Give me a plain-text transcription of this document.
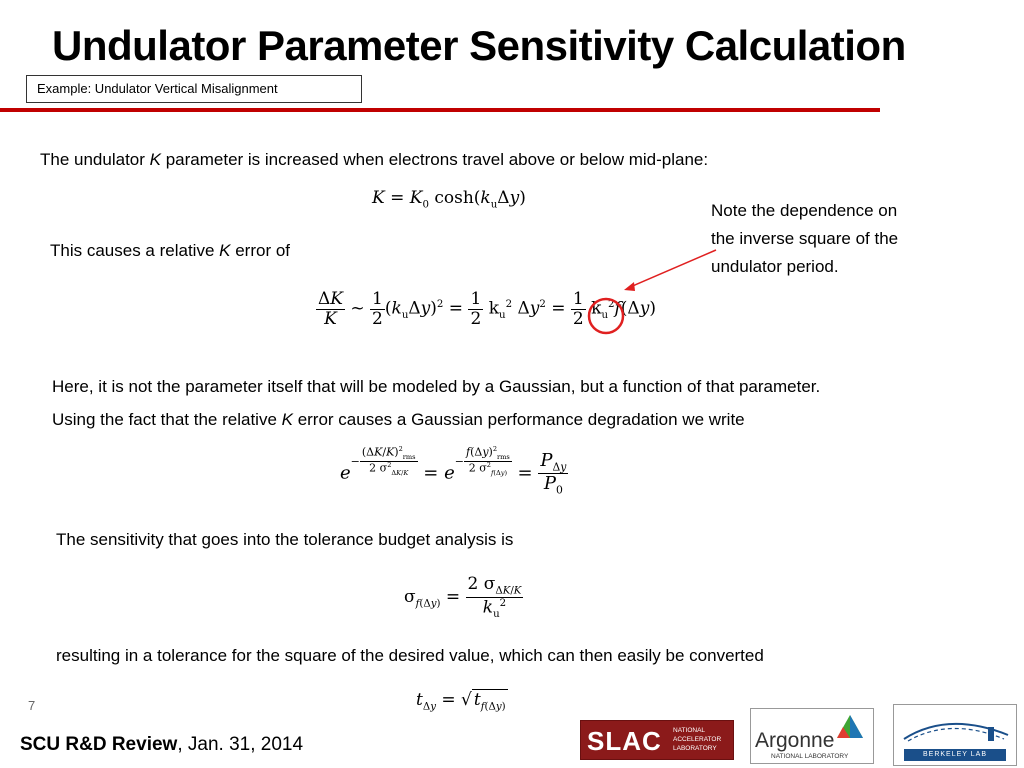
Undulator Parameter Sensitivity Calculation
Example: Undulator Vertical Misalignment
The undulator K parameter is increased when electrons travel above or below mid-plane:
$K = K_0$ $\cosh(k_u\Delta y)$
This causes a relative K error of
Note the dependence on
the inverse square of the
undulator period.
$\frac{\Delta K}{K}$ ~ $\frac{1}{2} (k_u\Delta y)^2 = \frac{1}{2} k_u^2$ $\Delta y^2 = \frac{1}{2} k_u^2f(\Delta y)$
Here, it is not the parameter itself that will be modeled by a Gaussian, but a function of that parameter.
Using the fact that the relative K error causes a Gaussian performance degradation we write
$e^{- \frac{(\Delta K/K)^2_{rms}}{2 \sigma^2_{\Delta K/K}}} = e^{- \frac{f(\Delta y)^2_{rms}}{2 \sigma^2_{f(\Delta y)}}} = \frac{P_{\Delta y}}{P_0}$
The sensitivity that goes into the tolerance budget analysis is
$\sigma_{f(\Delta y)} = \frac{2 \sigma_{\Delta K/K}}{k_u^2}$
resulting in a tolerance for the square of the desired value, which can then easily be converted
$t_{\Delta y}$ = √ $t_{f(\Delta y)}$
7
SCU R&D Review, Jan. 31, 2014	SLAC NATIONAL
ACCELERATOR
LABORATORY Argonne
NATIONAL LABORATORY	BERKELEY LAB
